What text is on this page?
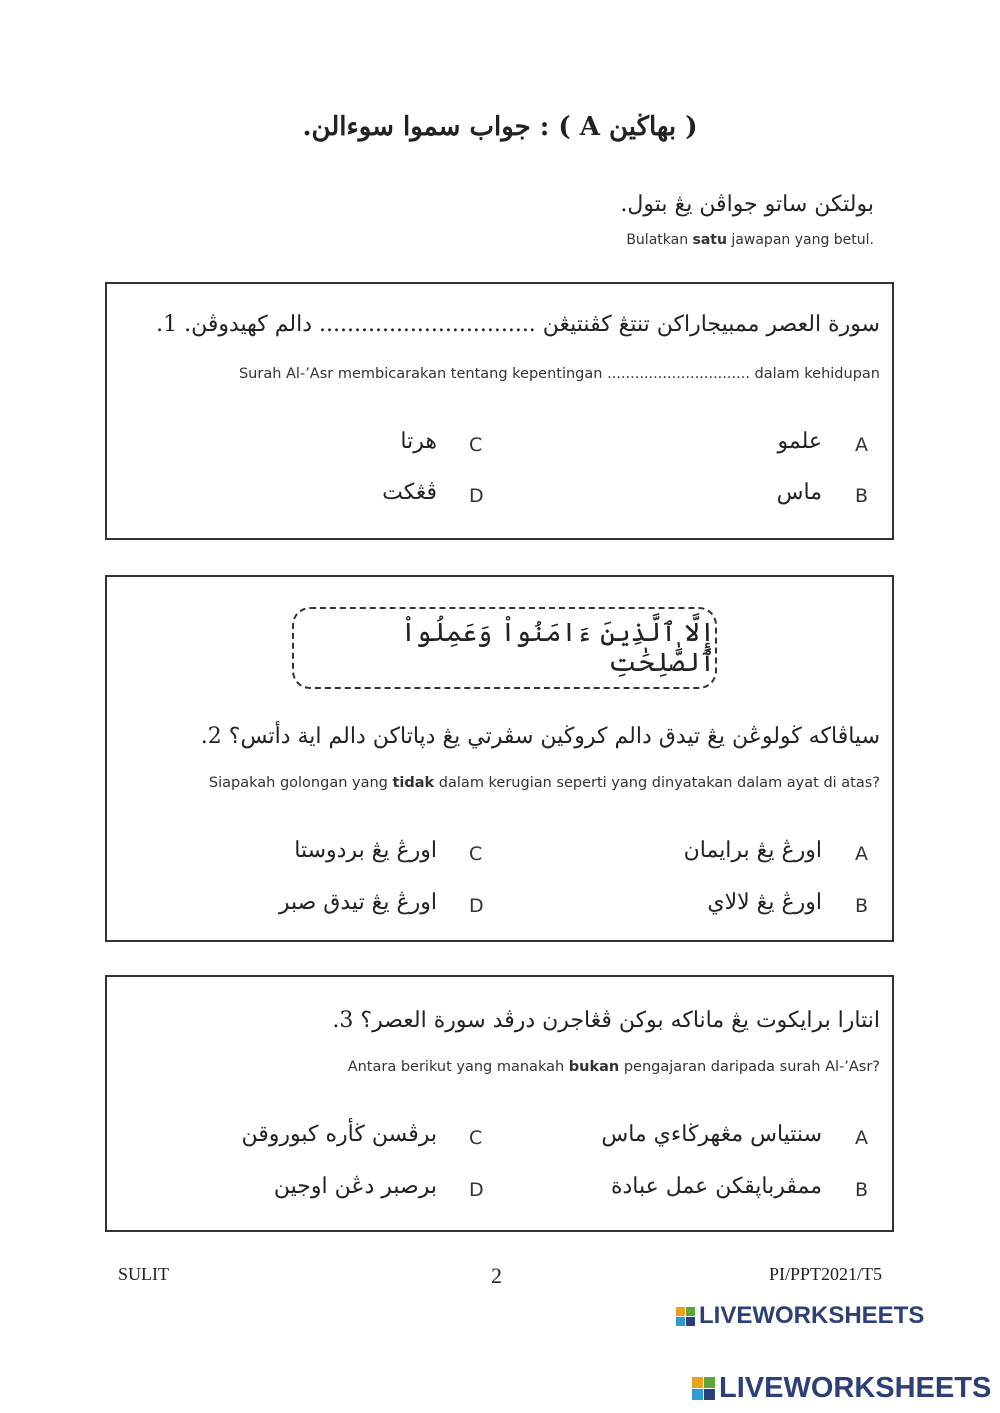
( بهاڬين A ) : جواب سموا سوءالن.
بولتكن ساتو جواڤن يڠ بتول.
Bulatkan satu jawapan yang betul.
سورة العصر ممبيجاراكن تنتڠ كڤنتيڠن ............................... دالم كهيدوڤن. 1.
Surah Al-’Asr membicarakan tentang kepentingan ............................... dalam kehidupan
A
علمو
B
ماس
C
هرتا
D
ڤڠكت
إِلَّا ٱلَّذِينَ ءَامَنُواْ وَعَمِلُواْ ٱلصَّٰلِحَٰتِ
سياڤاكه ڬولوڠن يڠ تيدق دالم كروڬين سڤرتي يڠ دپاتاكن دالم اية دأتس؟ 2.
Siapakah golongan yang tidak dalam kerugian seperti yang dinyatakan dalam ayat di atas?
A
اورڠ يڠ برايمان
B
اورڠ يڠ لالاي
C
اورڠ يڠ بردوستا
D
اورڠ يڠ تيدق صبر
انتارا برايكوت يڠ ماناكه بوكن ڤڠاجرن درڤد سورة العصر؟ 3.
Antara berikut yang manakah bukan pengajaran daripada surah Al-’Asr?
A
سنتياس مڠهرڬاءي ماس
B
ممڤرباپقكن عمل عبادة
C
برڤسن ڬأره كبوروقن
D
برصبر دڠن اوجين
SULIT	2	PI/PPT2021/T5
LIVEWORKSHEETS
LIVEWORKSHEETS
